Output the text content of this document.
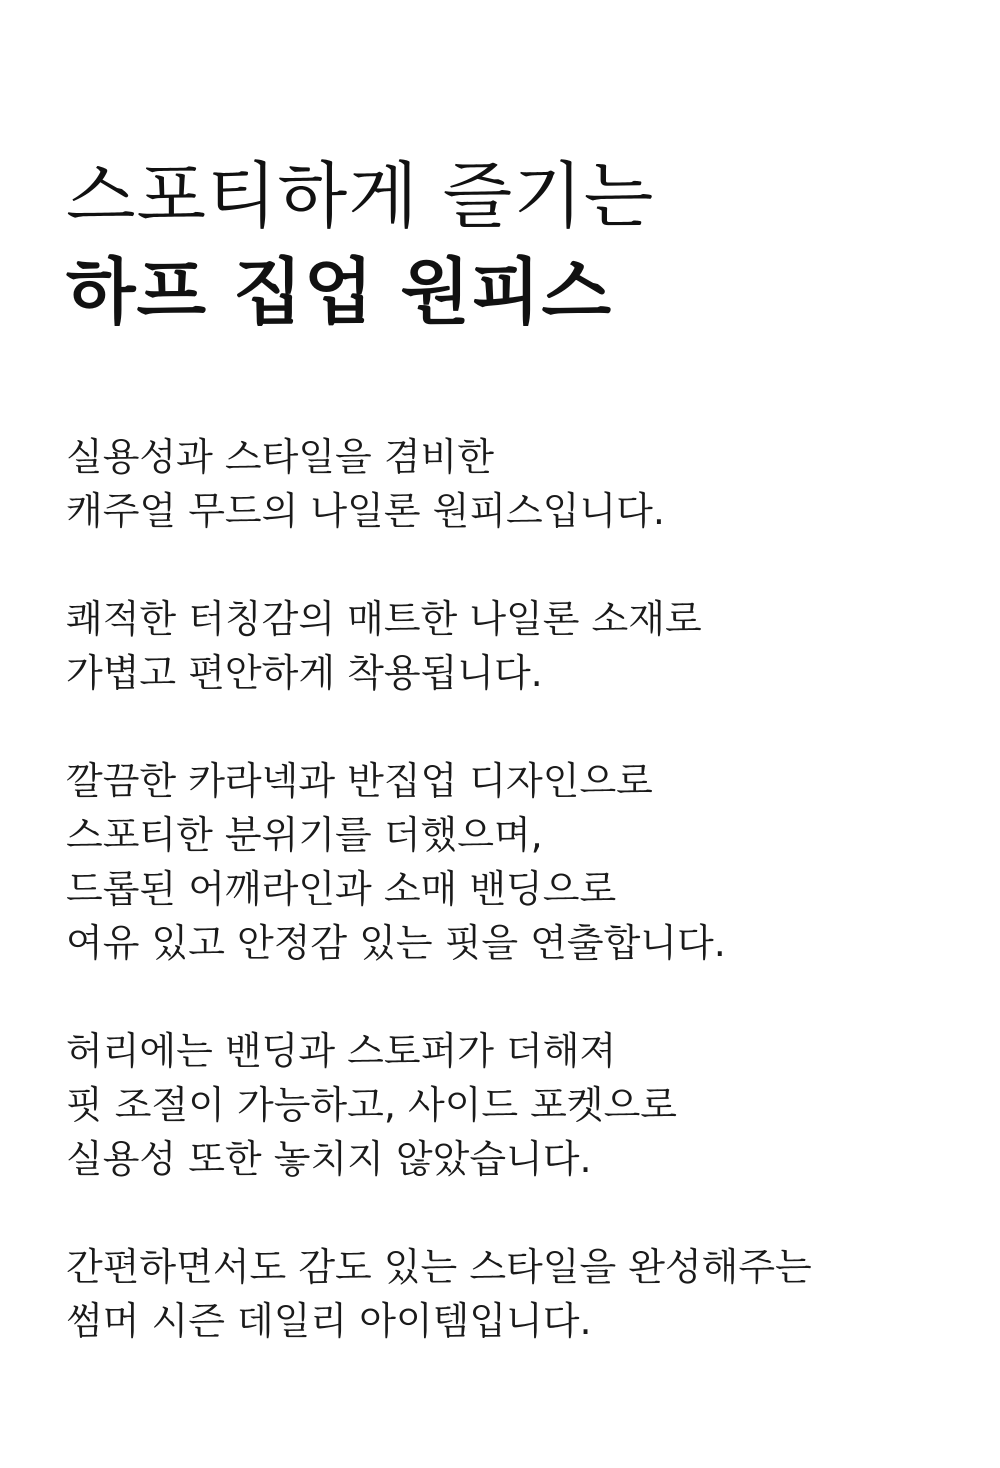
스포티하게 즐기는
하프 집업 원피스

실용성과 스타일을 겸비한
캐주얼 무드의 나일론 원피스입니다.

쾌적한 터칭감의 매트한 나일론 소재로
가볍고 편안하게 착용됩니다.

깔끔한 카라넥과 반집업 디자인으로
스포티한 분위기를 더했으며,
드롭된 어깨라인과 소매 밴딩으로
여유 있고 안정감 있는 핏을 연출합니다.

허리에는 밴딩과 스토퍼가 더해져
핏 조절이 가능하고, 사이드 포켓으로
실용성 또한 놓치지 않았습니다.

간편하면서도 감도 있는 스타일을 완성해주는
썸머 시즌 데일리 아이템입니다.
